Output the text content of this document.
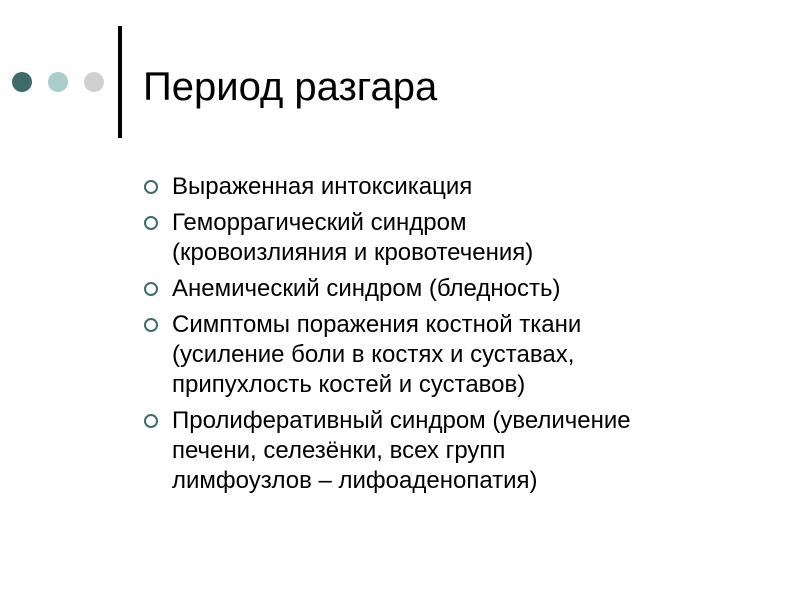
Период разгара
Выраженная интоксикация
Геморрагический синдром
(кровоизлияния и кровотечения)
Анемический синдром (бледность)
Симптомы поражения костной ткани
(усиление боли в костях и суставах,
припухлость костей и суставов)
Пролиферативный синдром (увеличение
печени, селезёнки, всех групп
лимфоузлов – лифоаденопатия)
